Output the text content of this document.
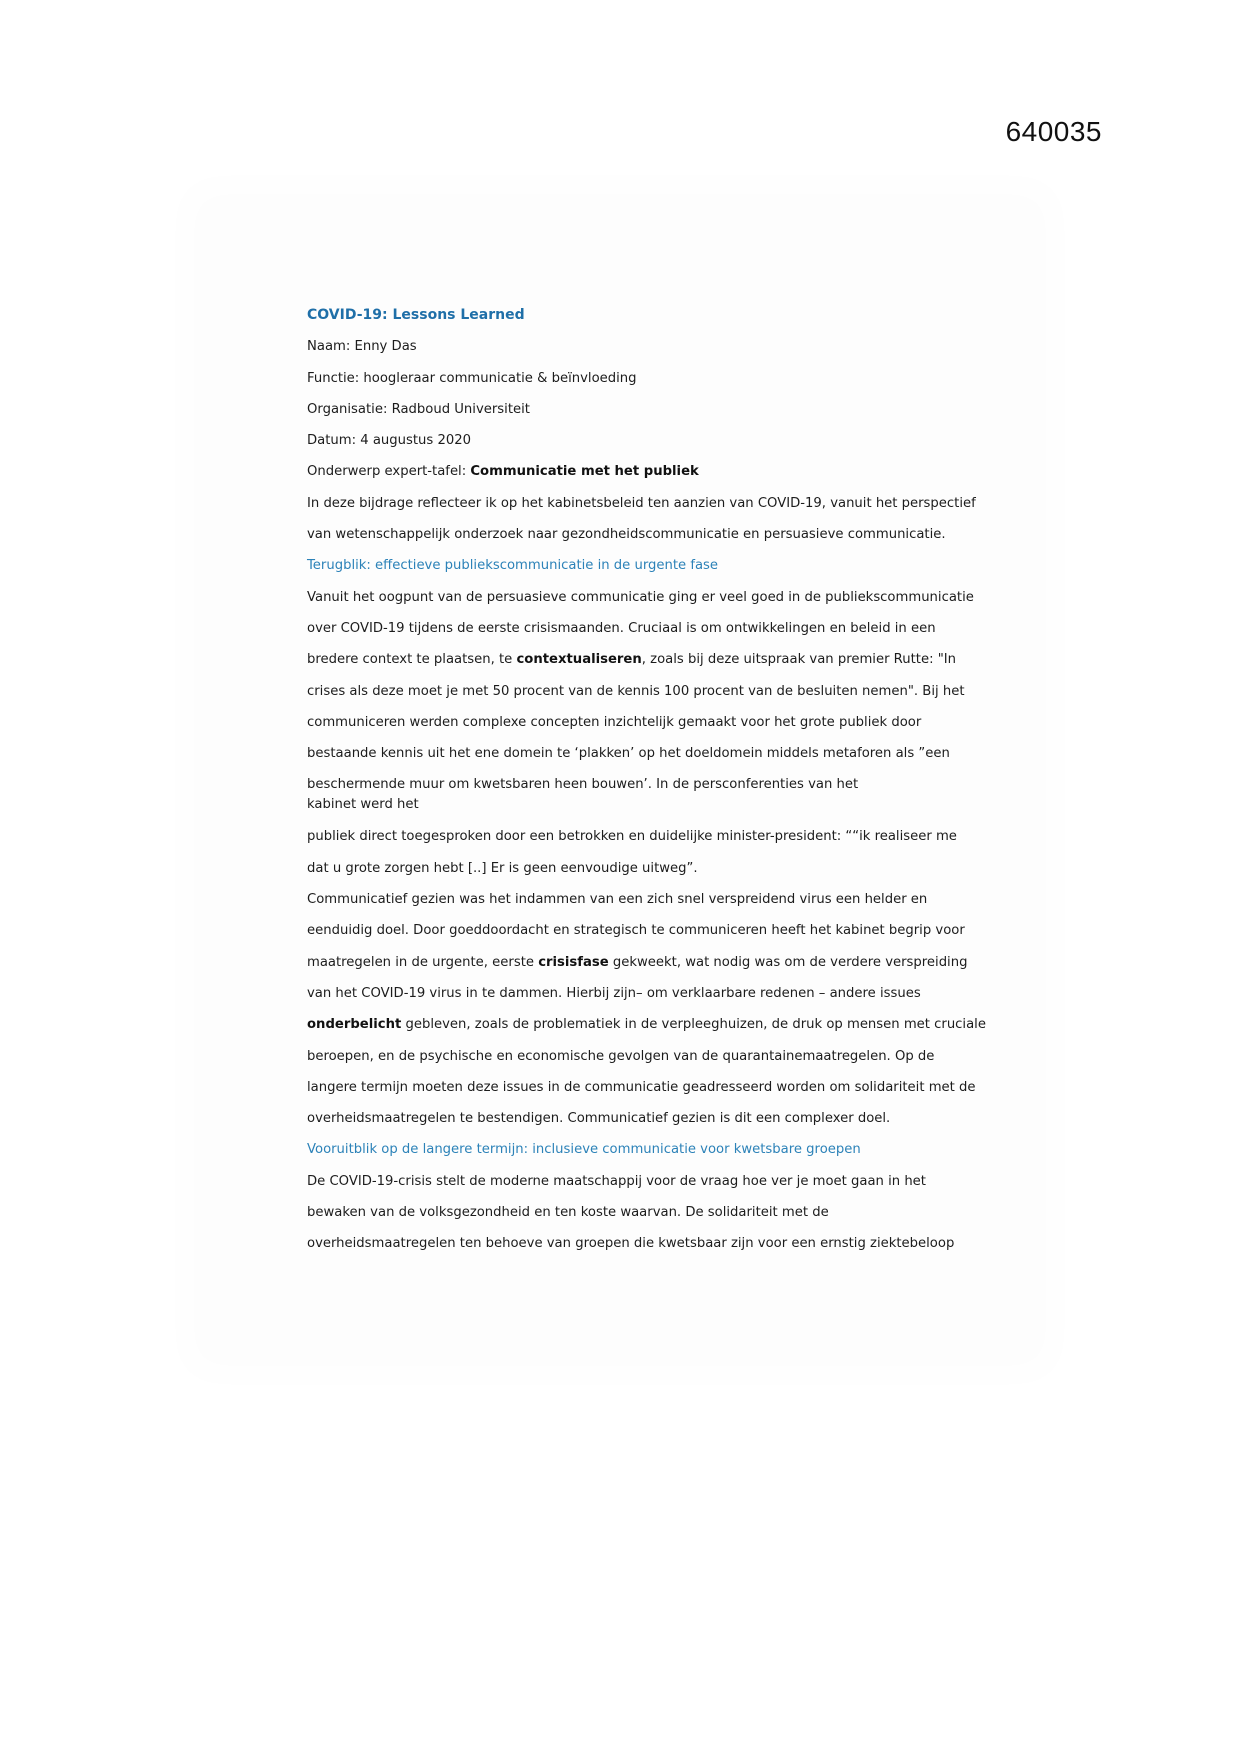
640035
COVID-19: Lessons Learned
Naam: Enny Das
Functie: hoogleraar communicatie & beïnvloeding
Organisatie: Radboud Universiteit
Datum: 4 augustus 2020
Onderwerp expert-tafel: Communicatie met het publiek
In deze bijdrage reflecteer ik op het kabinetsbeleid ten aanzien van COVID-19, vanuit het perspectief
van wetenschappelijk onderzoek naar gezondheidscommunicatie en persuasieve communicatie.
Terugblik: effectieve publiekscommunicatie in de urgente fase
Vanuit het oogpunt van de persuasieve communicatie ging er veel goed in de publiekscommunicatie
over COVID-19 tijdens de eerste crisismaanden. Cruciaal is om ontwikkelingen en beleid in een
bredere context te plaatsen, te contextualiseren, zoals bij deze uitspraak van premier Rutte: "In
crises als deze moet je met 50 procent van de kennis 100 procent van de besluiten nemen". Bij het
communiceren werden complexe concepten inzichtelijk gemaakt voor het grote publiek door
bestaande kennis uit het ene domein te ‘plakken’ op het doeldomein middels metaforen als ”een
beschermende muur om kwetsbaren heen bouwen’. In de persconferenties van het kabinet werd het
publiek direct toegesproken door een betrokken en duidelijke minister-president: ““ik realiseer me
dat u grote zorgen hebt [..] Er is geen eenvoudige uitweg”.
Communicatief gezien was het indammen van een zich snel verspreidend virus een helder en
eenduidig doel. Door goeddoordacht en strategisch te communiceren heeft het kabinet begrip voor
maatregelen in de urgente, eerste crisisfase gekweekt, wat nodig was om de verdere verspreiding
van het COVID-19 virus in te dammen. Hierbij zijn– om verklaarbare redenen – andere issues
onderbelicht gebleven, zoals de problematiek in de verpleeghuizen, de druk op mensen met cruciale
beroepen, en de psychische en economische gevolgen van de quarantainemaatregelen. Op de
langere termijn moeten deze issues in de communicatie geadresseerd worden om solidariteit met de
overheidsmaatregelen te bestendigen. Communicatief gezien is dit een complexer doel.
Vooruitblik op de langere termijn: inclusieve communicatie voor kwetsbare groepen
De COVID-19-crisis stelt de moderne maatschappij voor de vraag hoe ver je moet gaan in het
bewaken van de volksgezondheid en ten koste waarvan. De solidariteit met de
overheidsmaatregelen ten behoeve van groepen die kwetsbaar zijn voor een ernstig ziektebeloop
